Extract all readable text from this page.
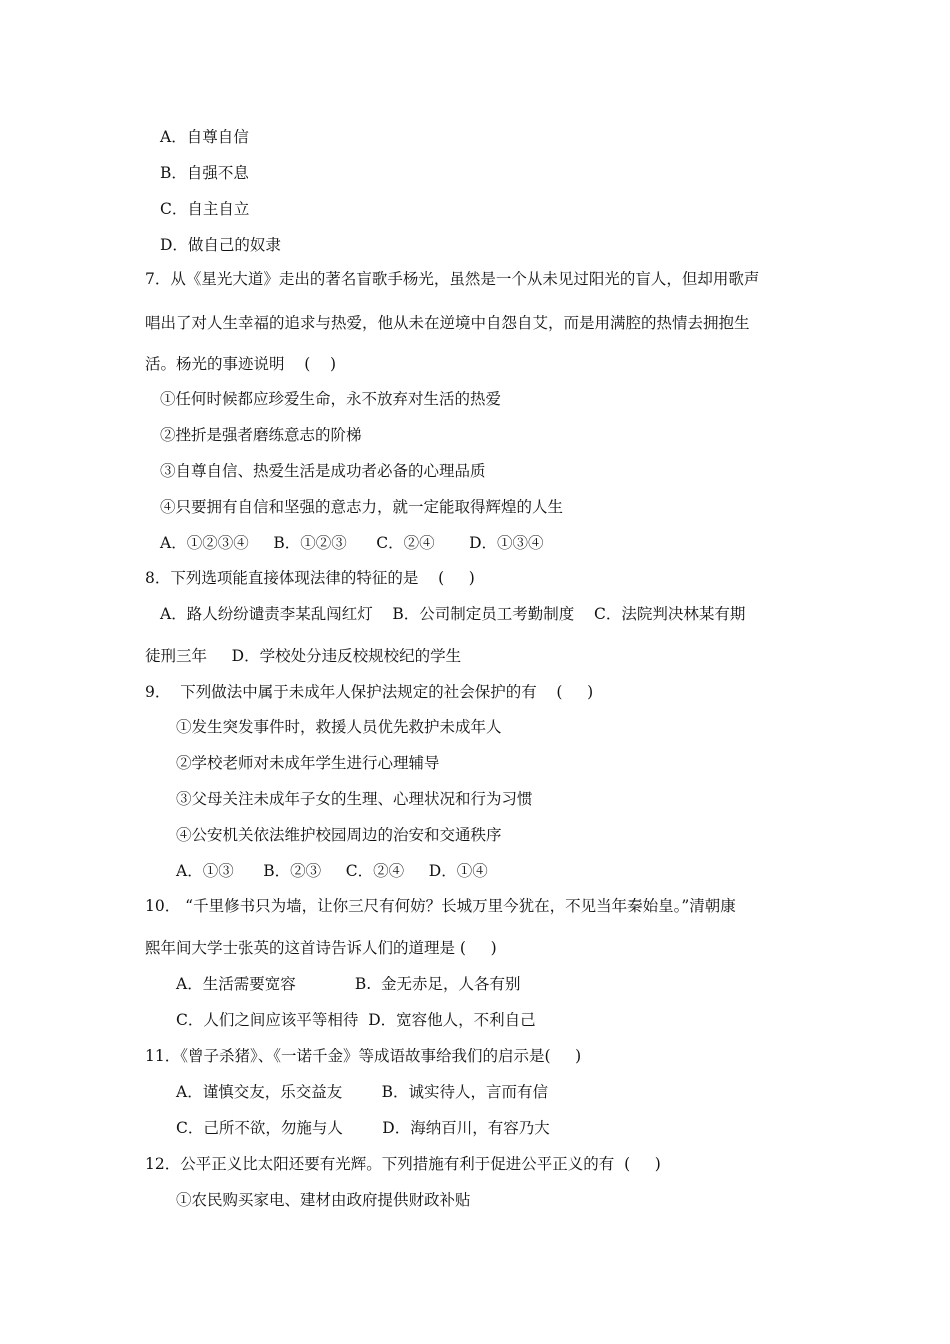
A．自尊自信
B．自强不息
C．自主自立
D．做自己的奴隶
7．从《星光大道》走出的著名盲歌手杨光，虽然是一个从未见过阳光的盲人，但却用歌声
唱出了对人生幸福的追求与热爱，他从未在逆境中自怨自艾，而是用满腔的热情去拥抱生
活。杨光的事迹说明    (    )
①任何时候都应珍爱生命，永不放弃对生活的热爱
②挫折是强者磨练意志的阶梯
③自尊自信、热爱生活是成功者必备的心理品质
④只要拥有自信和坚强的意志力，就一定能取得辉煌的人生
A．①②③④     B．①②③      C．②④       D．①③④
8．下列选项能直接体现法律的特征的是    (     )
A．路人纷纷谴责李某乱闯红灯    B．公司制定员工考勤制度    C．法院判决林某有期
徒刑三年     D．学校处分违反校规校纪的学生
9．  下列做法中属于未成年人保护法规定的社会保护的有    (     )
①发生突发事件时，救援人员优先救护未成年人
②学校老师对未成年学生进行心理辅导
③父母关注未成年子女的生理、心理状况和行为习惯
④公安机关依法维护校园周边的治安和交通秩序
A．①③      B．②③     C．②④     D．①④
10． “千里修书只为墙，让你三尺有何妨？长城万里今犹在，不见当年秦始皇。”清朝康
熙年间大学士张英的这首诗告诉人们的道理是 (     )
A．生活需要宽容            B.  金无赤足，人各有别
C．人们之间应该平等相待  D．宽容他人，不利自己
11．《曾子杀猪》、《一诺千金》等成语故事给我们的启示是(     )
A．谨慎交友，乐交益友        B．诚实待人，言而有信
C．己所不欲，勿施与人        D．海纳百川，有容乃大
12．公平正义比太阳还要有光辉。下列措施有利于促进公平正义的有  (     )
①农民购买家电、建材由政府提供财政补贴
